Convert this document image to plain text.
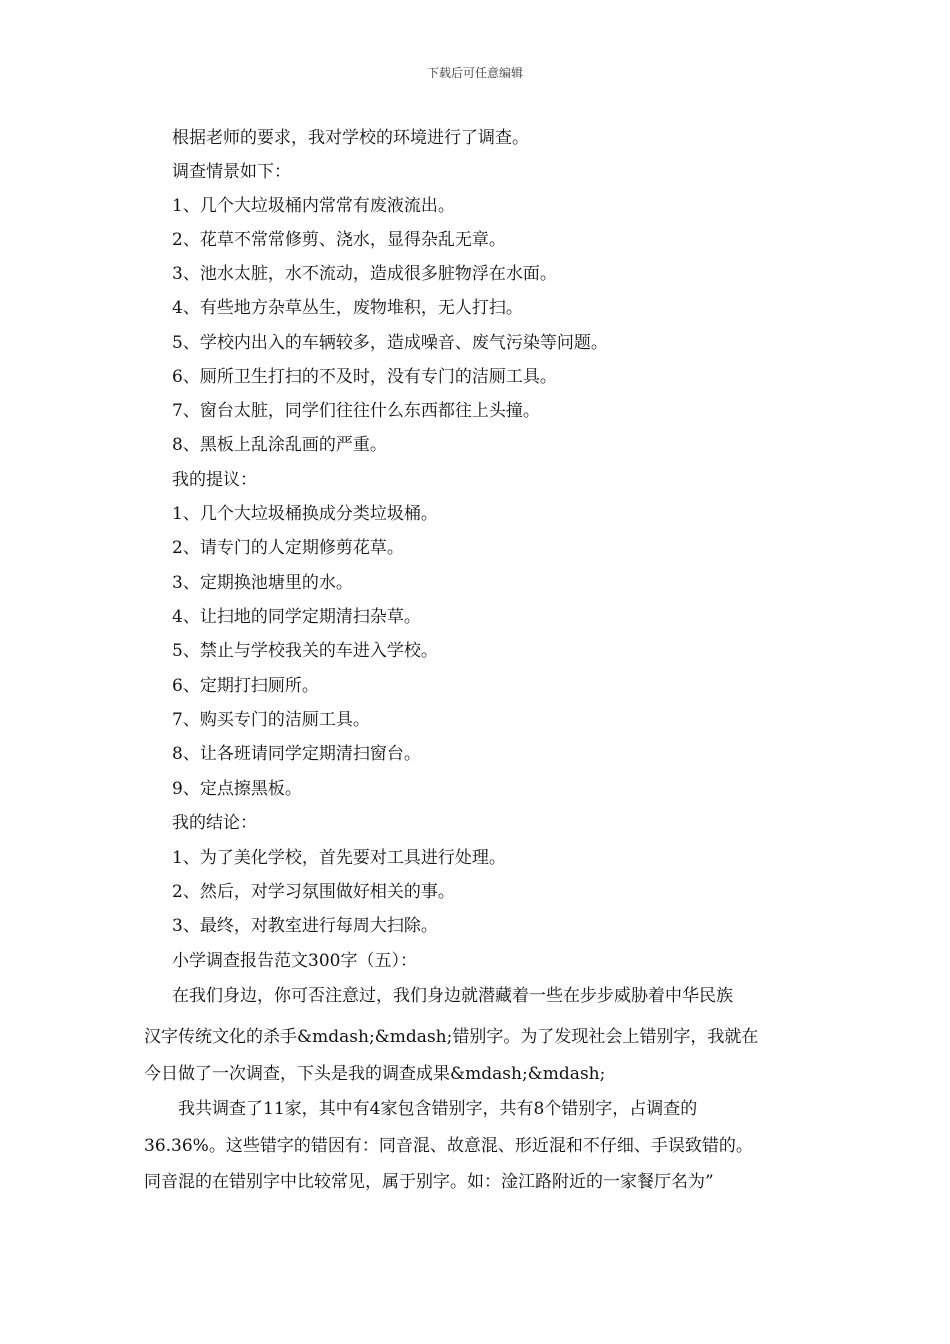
下载后可任意编辑
根据老师的要求，我对学校的环境进行了调查。
调查情景如下：
1、几个大垃圾桶内常常有废液流出。
2、花草不常常修剪、浇水，显得杂乱无章。
3、池水太脏，水不流动，造成很多脏物浮在水面。
4、有些地方杂草丛生，废物堆积，无人打扫。
5、学校内出入的车辆较多，造成噪音、废气污染等问题。
6、厕所卫生打扫的不及时，没有专门的洁厕工具。
7、窗台太脏，同学们往往什么东西都往上头撞。
8、黑板上乱涂乱画的严重。
我的提议：
1、几个大垃圾桶换成分类垃圾桶。
2、请专门的人定期修剪花草。
3、定期换池塘里的水。
4、让扫地的同学定期清扫杂草。
5、禁止与学校我关的车进入学校。
6、定期打扫厕所。
7、购买专门的洁厕工具。
8、让各班请同学定期清扫窗台。
9、定点擦黑板。
我的结论：
1、为了美化学校，首先要对工具进行处理。
2、然后，对学习氛围做好相关的事。
3、最终，对教室进行每周大扫除。
小学调查报告范文300字（五）：
在我们身边，你可否注意过，我们身边就潜藏着一些在步步威胁着中华民族
汉字传统文化的杀手&mdash;&mdash;错别字。为了发现社会上错别字，我就在
今日做了一次调查，下头是我的调查成果&mdash;&mdash;
我共调查了11家，其中有4家包含错别字，共有8个错别字，占调查的
36.36%。这些错字的错因有：同音混、故意混、形近混和不仔细、手误致错的。
同音混的在错别字中比较常见，属于别字。如：淦江路附近的一家餐厅名为”
